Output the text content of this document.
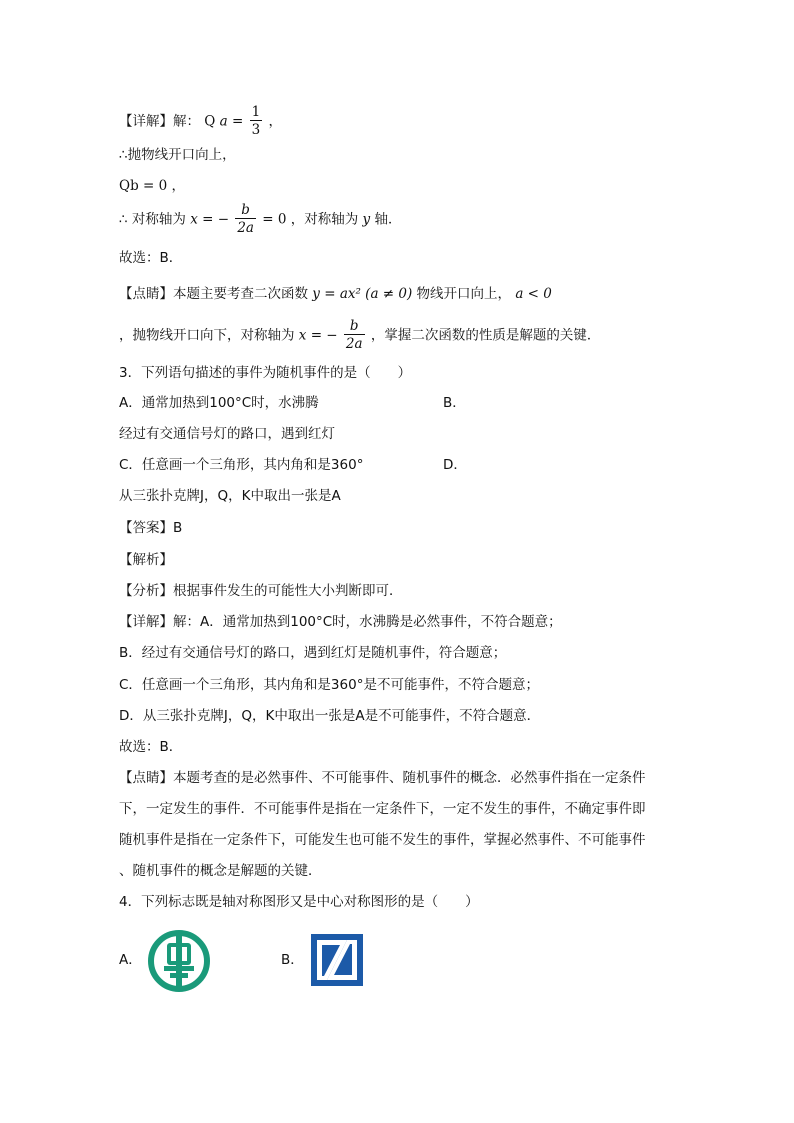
【详解】解： Q $a = \frac{1}{3}$ ，
∴抛物线开口向上，
Qb = 0 ，
∴ 对称轴为 x = − $\frac{b}{2a} = 0$ ，对称轴为 y 轴．
故选：B．
【点睛】本题主要考查二次函数 y = ax² (a ≠ 0) 物线开口向上， a < 0
，抛物线开口向下，对称轴为 x = − $\frac{b}{2a}$ ，掌握二次函数的性质是解题的关键．
3．下列语句描述的事件为随机事件的是（　　）
A．通常加热到100°C时，水沸腾	B．
经过有交通信号灯的路口，遇到红灯
C．任意画一个三角形，其内角和是360°	D．
从三张扑克牌J，Q，K中取出一张是A
【答案】B
【解析】
【分析】根据事件发生的可能性大小判断即可．
【详解】解：A．通常加热到100°C时，水沸腾是必然事件，不符合题意；
B．经过有交通信号灯的路口，遇到红灯是随机事件，符合题意；
C．任意画一个三角形，其内角和是360°是不可能事件，不符合题意；
D．从三张扑克牌J，Q，K中取出一张是A是不可能事件，不符合题意．
故选：B．
【点睛】本题考查的是必然事件、不可能事件、随机事件的概念．必然事件指在一定条件
下，一定发生的事件．不可能事件是指在一定条件下，一定不发生的事件，不确定事件即
随机事件是指在一定条件下，可能发生也可能不发生的事件，掌握必然事件、不可能事件
、随机事件的概念是解题的关键．
4．下列标志既是轴对称图形又是中心对称图形的是（　　）
A．	B．
